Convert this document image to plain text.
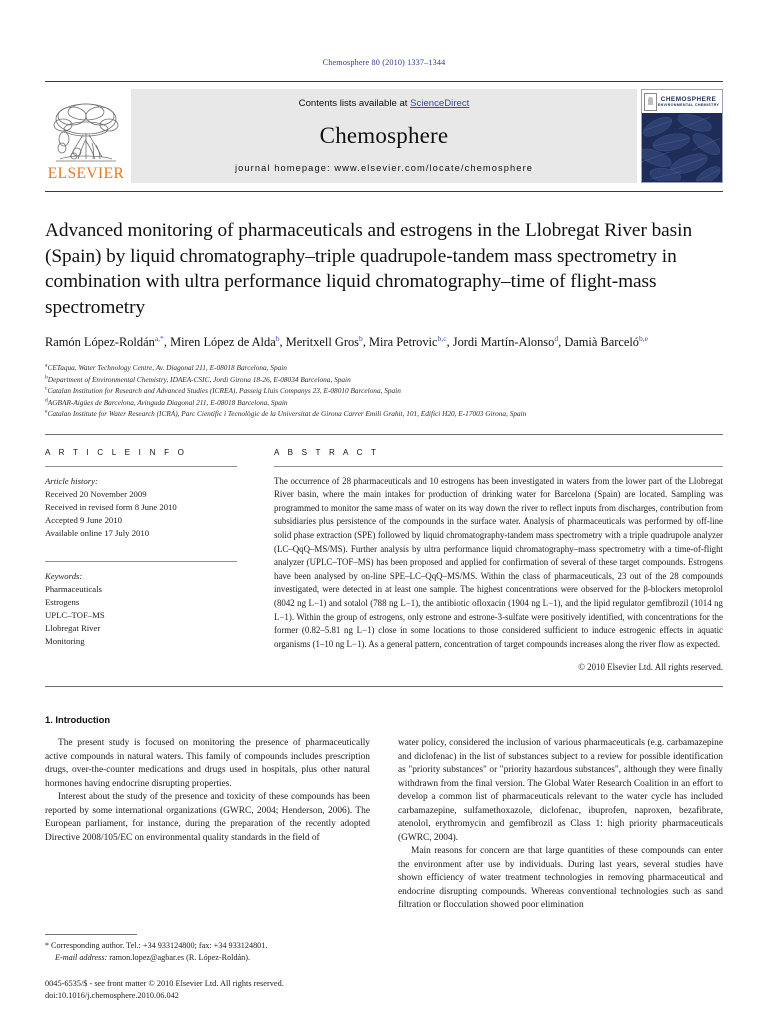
Chemosphere 80 (2010) 1337–1344
ELSEVIER
Contents lists available at ScienceDirect
Chemosphere
journal homepage: www.elsevier.com/locate/chemosphere
CHEMOSPHERE
ENVIRONMENTAL CHEMISTRY
Advanced monitoring of pharmaceuticals and estrogens in the Llobregat River basin (Spain) by liquid chromatography–triple quadrupole-tandem mass spectrometry in combination with ultra performance liquid chromatography–time of flight-mass spectrometry
Ramón López-Roldán$^{a,*}$, Miren López de Alda$^b$, Meritxell Gros$^b$, Mira Petrovic$^{b,c}$, Jordi Martín-Alonso$^d$, Damià Barceló$^{b,e}$
$^a$CETaqua, Water Technology Centre, Av. Diagonal 211, E-08018 Barcelona, Spain
$^b$Department of Environmental Chemistry, IDAEA-CSIC, Jordi Girona 18-26, E-08034 Barcelona, Spain
$^c$Catalan Institution for Research and Advanced Studies (ICREA), Passeig Lluis Companys 23, E-08010 Barcelona, Spain
$^d$AGBAR-Aigües de Barcelona, Avinguda Diagonal 211, E-08018 Barcelona, Spain
$^e$Catalan Institute for Water Research (ICRA), Parc Científic i Tecnològic de la Universitat de Girona Carrer Emili Grahit, 101, Edifici H20, E-17003 Girona, Spain
A R T I C L E I N F O
Article history:
Received 20 November 2009
Received in revised form 8 June 2010
Accepted 9 June 2010
Available online 17 July 2010
Keywords:
Pharmaceuticals
Estrogens
UPLC–TOF–MS
Llobregat River
Monitoring
A B S T R A C T
The occurrence of 28 pharmaceuticals and 10 estrogens has been investigated in waters from the lower part of the Llobregat River basin, where the main intakes for production of drinking water for Barcelona (Spain) are located. Sampling was programmed to monitor the same mass of water on its way down the river to reflect inputs from discharges, contribution from subsidiaries plus persistence of the compounds in the surface water. Analysis of pharmaceuticals was performed by off-line solid phase extraction (SPE) followed by liquid chromatography-tandem mass spectrometry with a triple quadrupole analyzer (LC–QqQ–MS/MS). Further analysis by ultra performance liquid chromatography–mass spectrometry with a time-of-flight analyzer (UPLC–TOF–MS) has been proposed and applied for confirmation of several of these target compounds. Estrogens have been analysed by on-line SPE–LC–QqQ–MS/MS. Within the class of pharmaceuticals, 23 out of the 28 compounds investigated, were detected in at least one sample. The highest concentrations were observed for the β-blockers metoprolol (8042 ng L−1) and sotalol (788 ng L−1), the antibiotic ofloxacin (1904 ng L−1), and the lipid regulator gemfibrozil (1014 ng L−1). Within the group of estrogens, only estrone and estrone-3-sulfate were positively identified, with concentrations for the former (0.82–5.81 ng L−1) close in some locations to those considered sufficient to induce estrogenic effects in aquatic organisms (1–10 ng L−1). As a general pattern, concentration of target compounds increases along the river flow as expected.
© 2010 Elsevier Ltd. All rights reserved.
1. Introduction

The present study is focused on monitoring the presence of pharmaceutically active compounds in natural waters. This family of compounds includes prescription drugs, over-the-counter medications and drugs used in hospitals, plus other natural hormones having endocrine disrupting properties.

Interest about the study of the presence and toxicity of these compounds has been reported by some international organizations (GWRC, 2004; Henderson, 2006). The European parliament, for instance, during the preparation of the recently adopted Directive 2008/105/EC on environmental quality standards in the field of

water policy, considered the inclusion of various pharmaceuticals (e.g. carbamazepine and diclofenac) in the list of substances subject to a review for possible identification as "priority substances" or "priority hazardous substances", although they were finally withdrawn from the final version. The Global Water Research Coalition in an effort to develop a common list of pharmaceuticals relevant to the water cycle has included carbamazepine, sulfamethoxazole, diclofenac, ibuprofen, naproxen, bezafibrate, atenolol, erythromycin and gemfibrozil as Class 1: high priority pharmaceuticals (GWRC, 2004).

Main reasons for concern are that large quantities of these compounds can enter the environment after use by individuals. During last years, several studies have shown efficiency of water treatment technologies in removing pharmaceutical and endocrine disrupting compounds. Whereas conventional technologies such as sand filtration or flocculation showed poor elimination

* Corresponding author. Tel.: +34 933124800; fax: +34 933124801.
E-mail address: ramon.lopez@agbar.es (R. López-Roldán).
0045-6535/$ - see front matter © 2010 Elsevier Ltd. All rights reserved.
doi:10.1016/j.chemosphere.2010.06.042
